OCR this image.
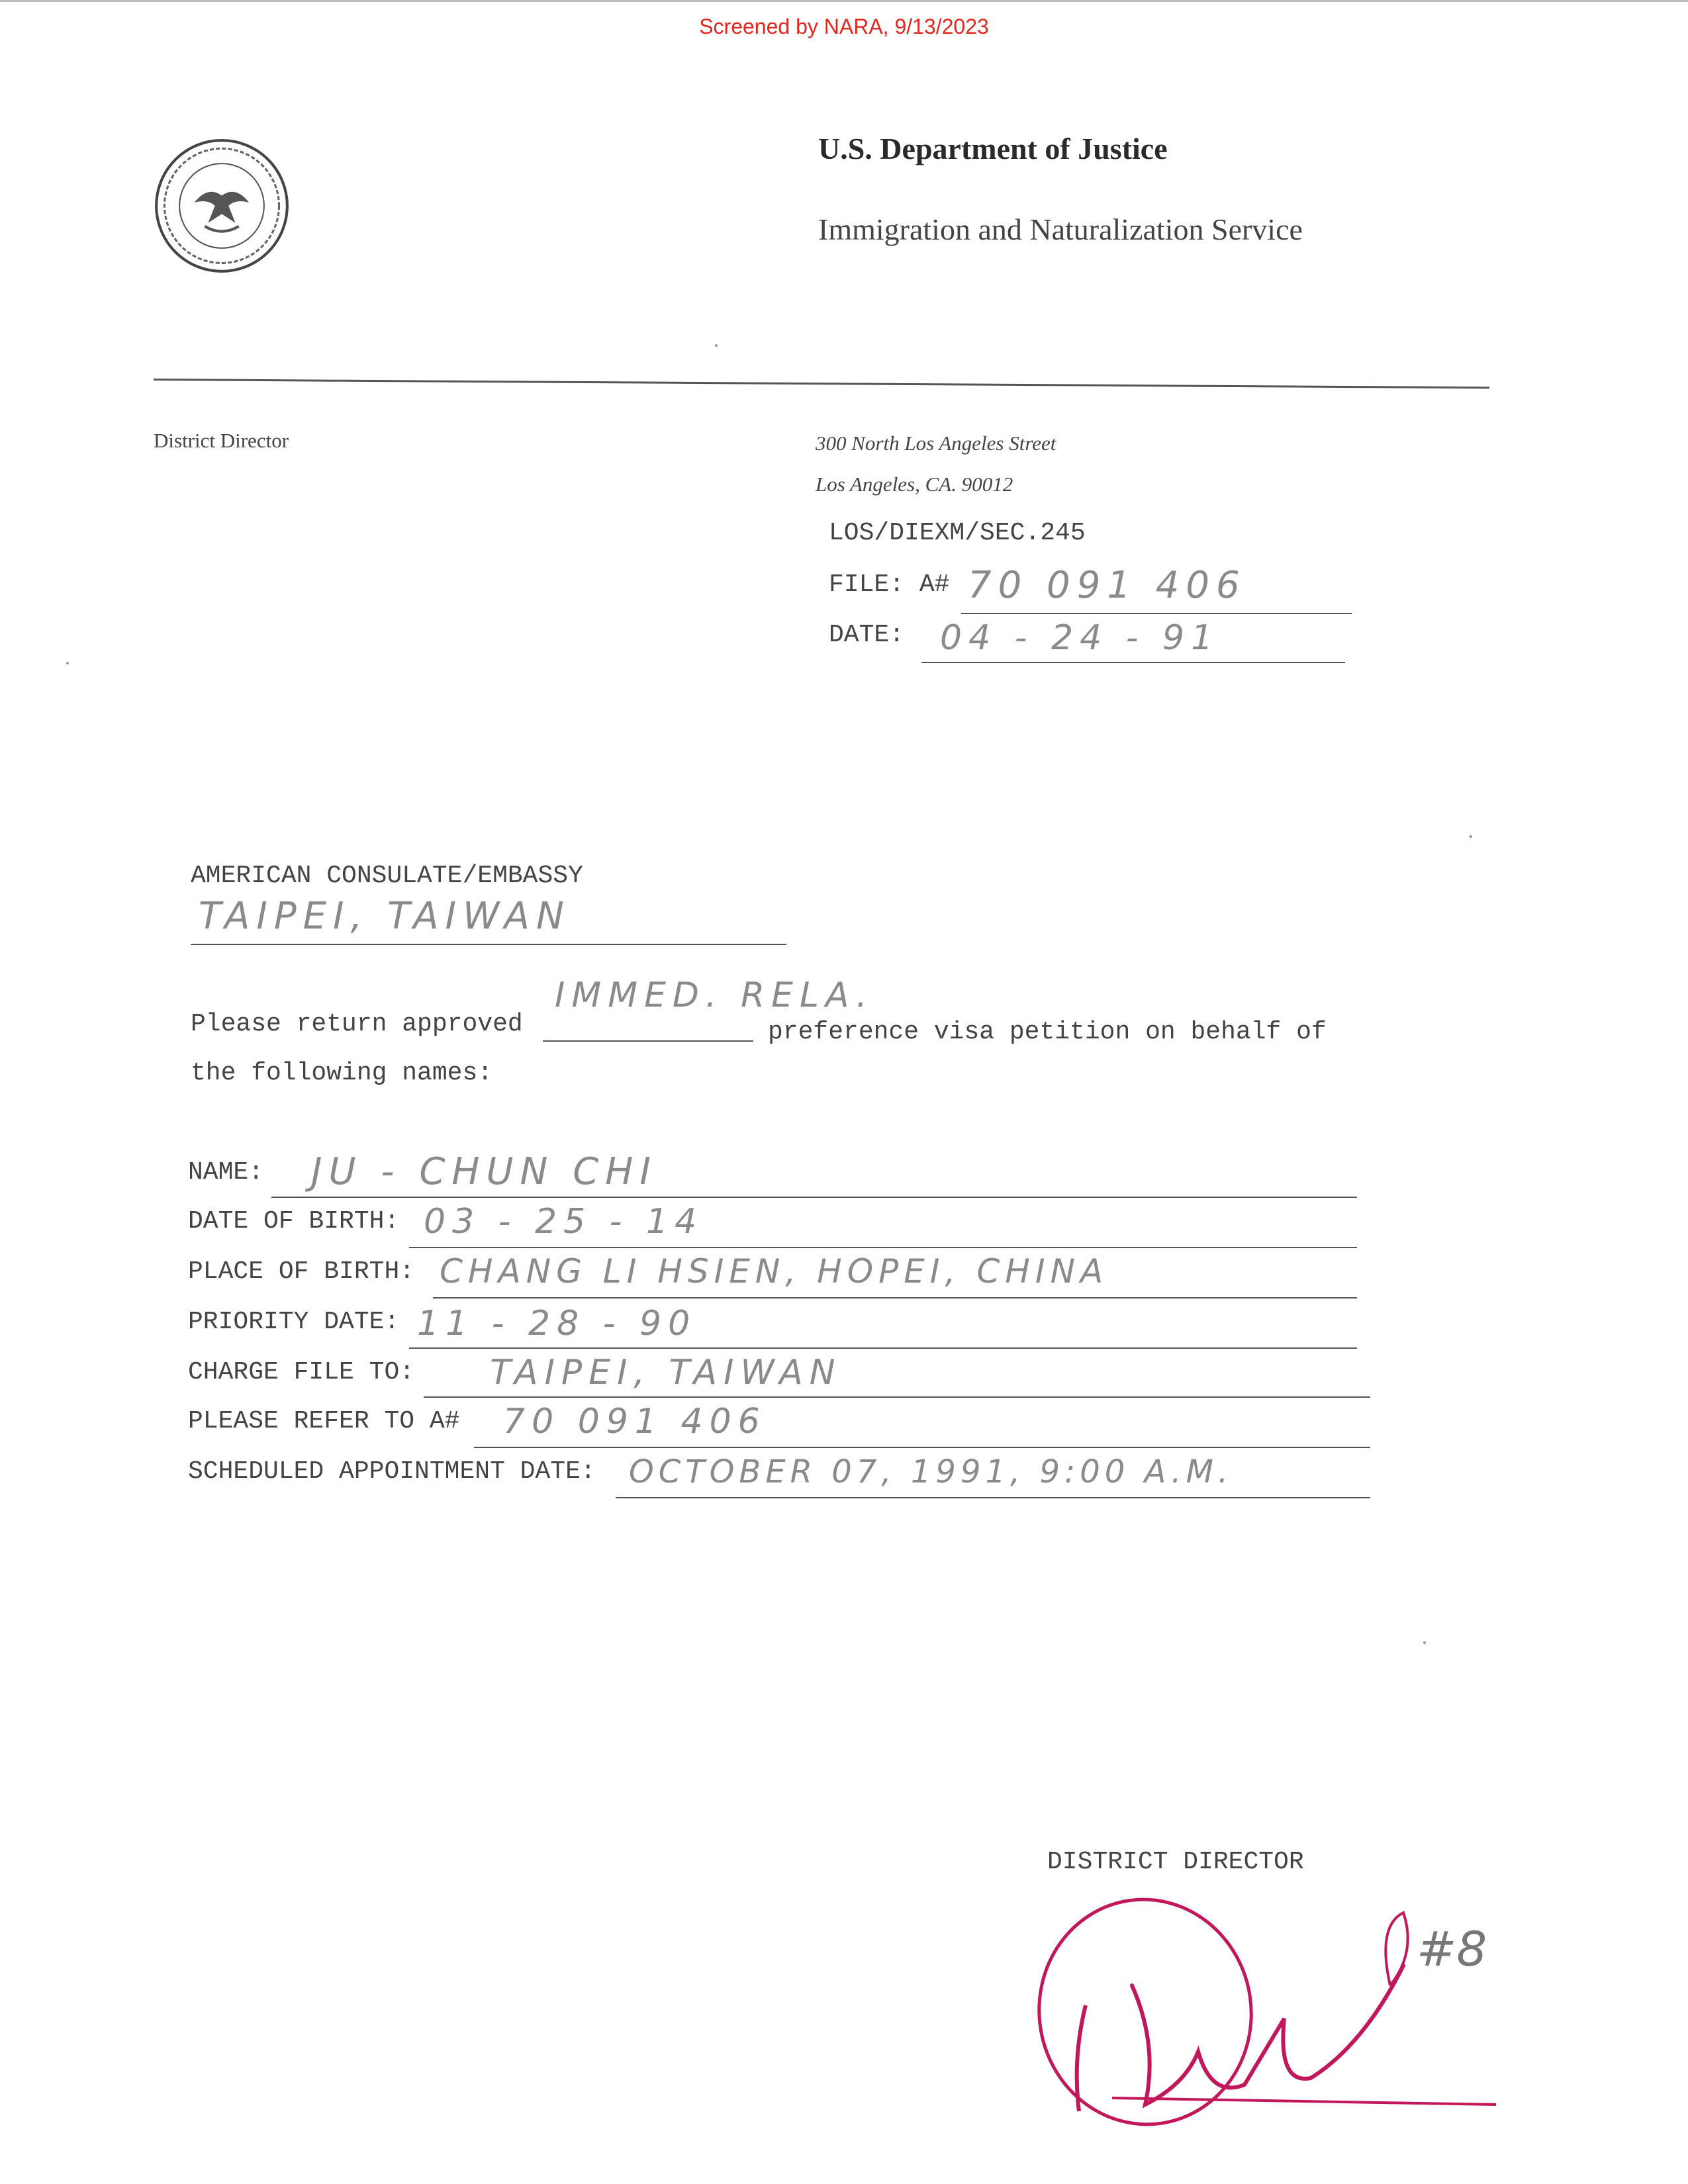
Screened by NARA, 9/13/2023
U.S. Department of Justice
Immigration and Naturalization Service
District Director	300 North Los Angeles Street
Los Angeles, CA. 90012
LOS/DIEXM/SEC.245
FILE: A# 70 091 406
DATE: 04 - 24 - 91
AMERICAN CONSULATE/EMBASSY
TAIPEI, TAIWAN
Please return approved
IMMED. RELA.
preference visa petition on behalf of
the following names:
NAME: JU - CHUN CHI
DATE OF BIRTH: 03 - 25 - 14
PLACE OF BIRTH: CHANG LI HSIEN, HOPEI, CHINA
PRIORITY DATE: 11 - 28 - 90
CHARGE FILE TO: TAIPEI, TAIWAN
PLEASE REFER TO A# 70 091 406
SCHEDULED APPOINTMENT DATE: OCTOBER 07, 1991, 9:00 A.M.
DISTRICT DIRECTOR
#8
